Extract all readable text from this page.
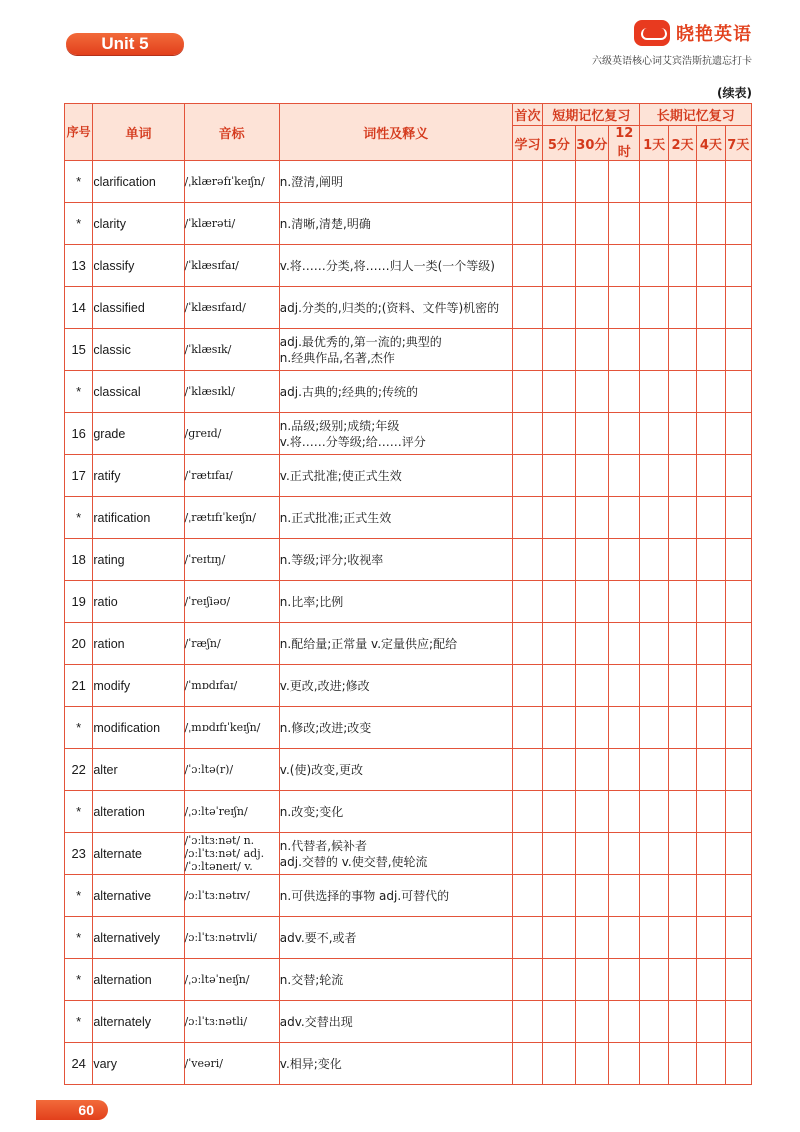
Unit 5	晓艳英语
六级英语核心词艾宾浩斯抗遗忘打卡
(续表)
序号	单词	音标	词性及释义	首次	短期记忆复习			长期记忆复习			
				学习	5分	30分	12时	1天	2天	4天	7天
*	clarification	/ˌklærəfɪˈkeɪʃn/	n.澄清,阐明								
*	clarity	/ˈklærəti/	n.清晰,清楚,明确								
13	classify	/ˈklæsɪfaɪ/	v.将……分类,将……归人一类(一个等级)								
14	classified	/ˈklæsɪfaɪd/	adj.分类的,归类的;(资料、文件等)机密的								
15	classic	/ˈklæsɪk/	adj.最优秀的,第一流的;典型的
n.经典作品,名著,杰作								
*	classical	/ˈklæsɪkl/	adj.古典的;经典的;传统的								
16	grade	/ɡreɪd/	n.品级;级别;成绩;年级
v.将……分等级;给……评分								
17	ratify	/ˈrætɪfaɪ/	v.正式批准;使正式生效								
*	ratification	/ˌrætɪfɪˈkeɪʃn/	n.正式批准;正式生效								
18	rating	/ˈreɪtɪŋ/	n.等级;评分;收视率								
19	ratio	/ˈreɪʃiəʊ/	n.比率;比例								
20	ration	/ˈræʃn/	n.配给量;正常量 v.定量供应;配给								
21	modify	/ˈmɒdɪfaɪ/	v.更改,改进;修改								
*	modification	/ˌmɒdɪfɪˈkeɪʃn/	n.修改;改进;改变								
22	alter	/ˈɔːltə(r)/	v.(使)改变,更改								
*	alteration	/ˌɔːltəˈreɪʃn/	n.改变;变化								
23	alternate	/ˈɔːltɜːnət/ n.
/ɔːlˈtɜːnət/ adj.
/ˈɔːltəneɪt/ v.	n.代替者,候补者
adj.交替的 v.使交替,使轮流								
*	alternative	/ɔːlˈtɜːnətɪv/	n.可供选择的事物 adj.可替代的								
*	alternatively	/ɔːlˈtɜːnətɪvli/	adv.要不,或者								
*	alternation	/ˌɔːltəˈneɪʃn/	n.交替;轮流								
*	alternately	/ɔːlˈtɜːnətli/	adv.交替出现								
24	vary	/ˈveəri/	v.相异;变化								
60
